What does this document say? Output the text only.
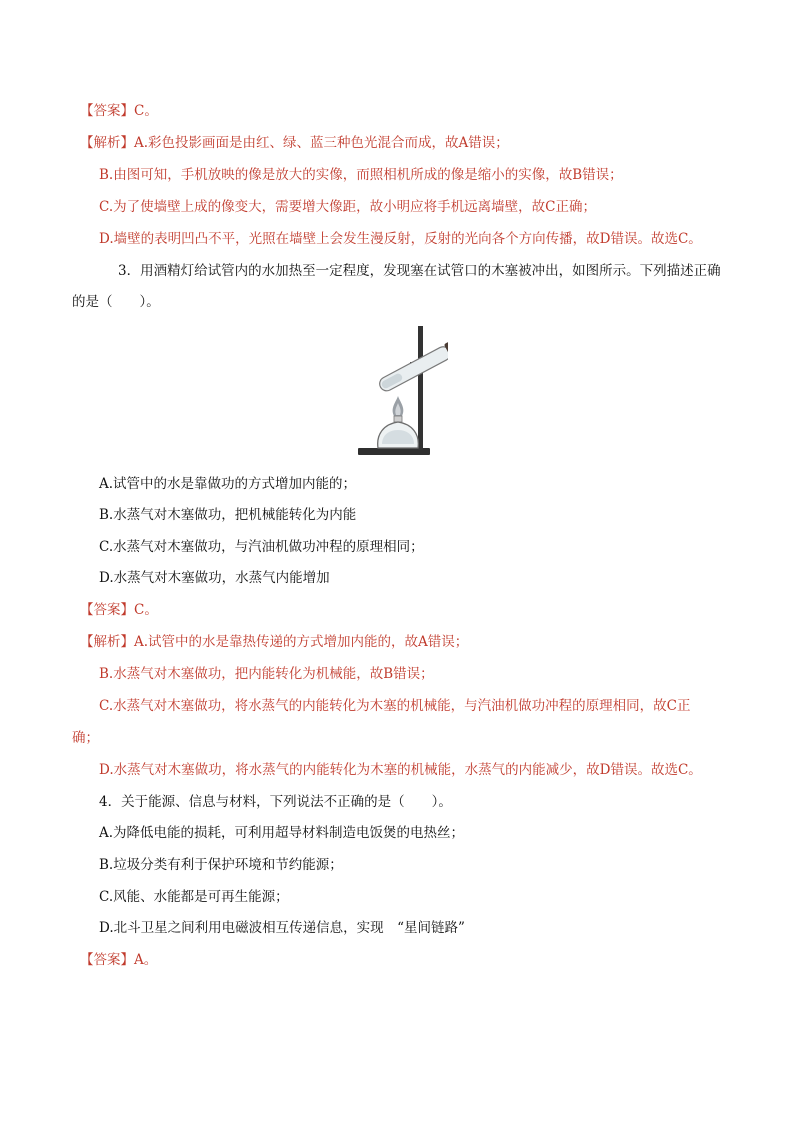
【答案】C。
【解析】A.彩色投影画面是由红、绿、蓝三种色光混合而成，故A错误；
B.由图可知，手机放映的像是放大的实像，而照相机所成的像是缩小的实像，故B错误；
C.为了使墙壁上成的像变大，需要增大像距，故小明应将手机远离墙壁，故C正确；
D.墙壁的表明凹凸不平，光照在墙壁上会发生漫反射，反射的光向各个方向传播，故D错误。故选C。
3．用酒精灯给试管内的水加热至一定程度，发现塞在试管口的木塞被冲出，如图所示。下列描述正确
的是（　　）。
A.试管中的水是靠做功的方式增加内能的；
B.水蒸气对木塞做功，把机械能转化为内能
C.水蒸气对木塞做功，与汽油机做功冲程的原理相同；
D.水蒸气对木塞做功，水蒸气内能增加
【答案】C。
【解析】A.试管中的水是靠热传递的方式增加内能的，故A错误；
B.水蒸气对木塞做功，把内能转化为机械能，故B错误；
C.水蒸气对木塞做功，将水蒸气的内能转化为木塞的机械能，与汽油机做功冲程的原理相同，故C正
确；
D.水蒸气对木塞做功，将水蒸气的内能转化为木塞的机械能，水蒸气的内能减少，故D错误。故选C。
4．关于能源、信息与材料，下列说法不正确的是（　　）。
A.为降低电能的损耗，可利用超导材料制造电饭煲的电热丝；
B.垃圾分类有利于保护环境和节约能源；
C.风能、水能都是可再生能源；
D.北斗卫星之间利用电磁波相互传递信息，实现　“星间链路”
【答案】A。
